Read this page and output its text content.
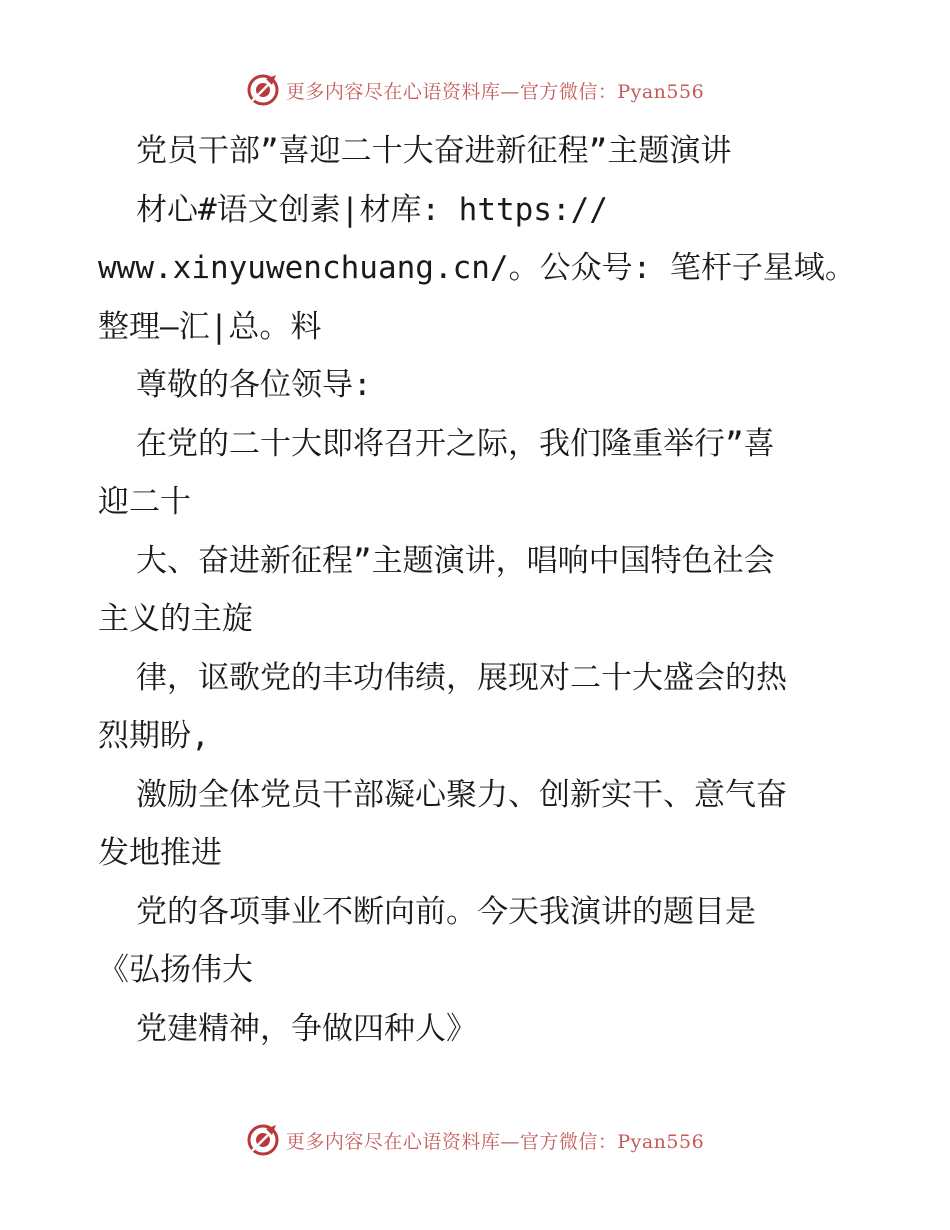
更多内容尽在心语资料库—官方微信：Pyan556
党员干部”喜迎二十大奋进新征程”主题演讲
材心#语文创素|材库: https://
www.xinyuwenchuang.cn/。公众号: 笔杆子星域。
整理—汇|总。料
尊敬的各位领导:
在党的二十大即将召开之际，我们隆重举行”喜
迎二十
大、奋进新征程”主题演讲，唱响中国特色社会
主义的主旋
律，讴歌党的丰功伟绩，展现对二十大盛会的热
烈期盼,
激励全体党员干部凝心聚力、创新实干、意气奋
发地推进
党的各项事业不断向前。今天我演讲的题目是
《弘扬伟大
党建精神，争做四种人》
更多内容尽在心语资料库—官方微信：Pyan556
